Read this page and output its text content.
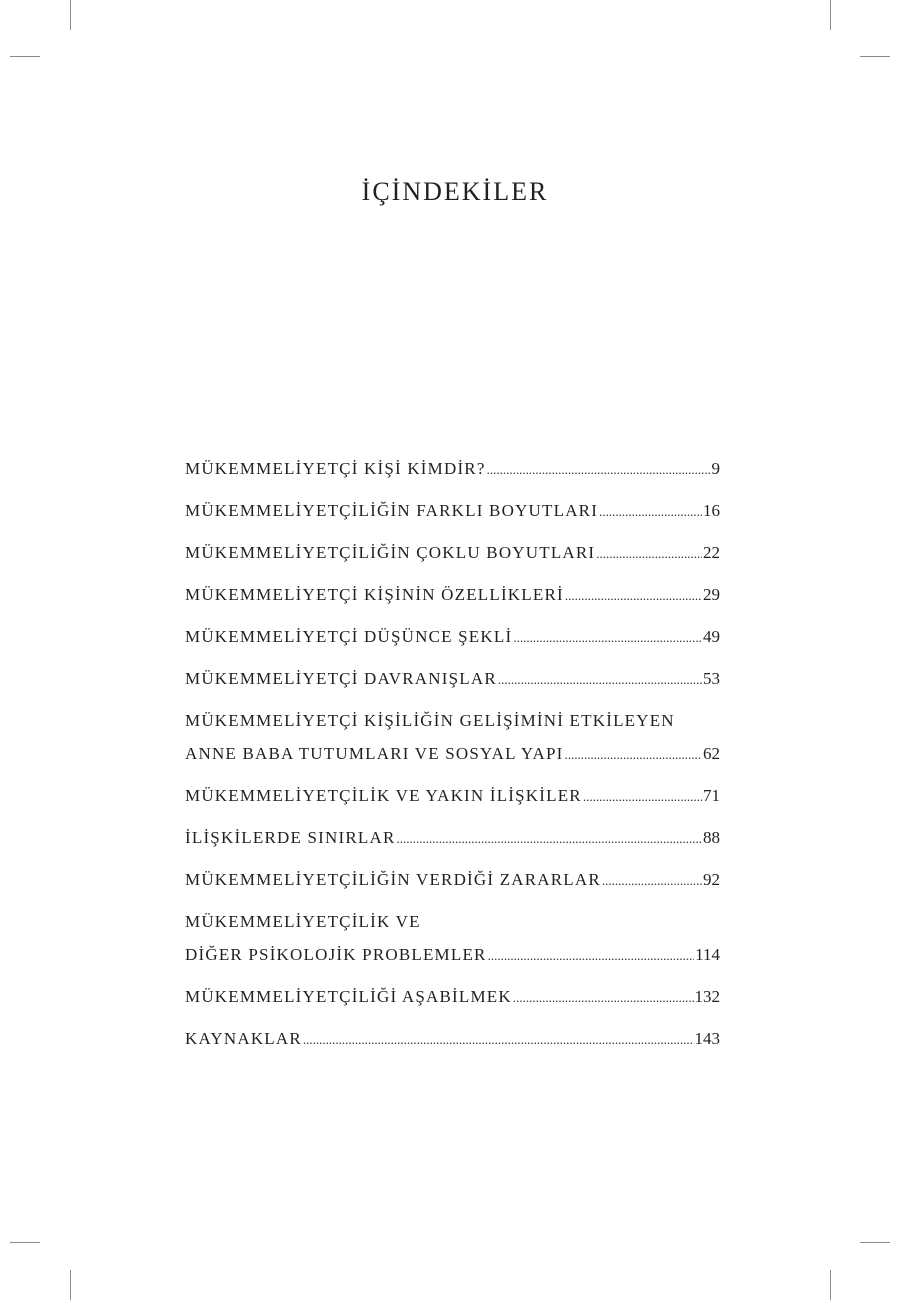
İÇİNDEKİLER
MÜKEMMELİYETÇİ KİŞİ KİMDİR? .....	9
MÜKEMMELİYETÇİLİĞİN FARKLI BOYUTLARI .....	16
MÜKEMMELİYETÇİLİĞİN ÇOKLU BOYUTLARI .....	22
MÜKEMMELİYETÇİ KİŞİNİN ÖZELLİKLERİ .....	29
MÜKEMMELİYETÇİ DÜŞÜNCE ŞEKLİ .....	49
MÜKEMMELİYETÇİ DAVRANIŞLAR .....	53
MÜKEMMELİYETÇİ KİŞİLİĞİN GELİŞİMİNİ ETKİLEYEN
ANNE BABA TUTUMLARI VE SOSYAL YAPI .....	62
MÜKEMMELİYETÇİLİK VE YAKIN İLİŞKİLER .....	71
İLİŞKİLERDE SINIRLAR .....	88
MÜKEMMELİYETÇİLİĞİN VERDİĞİ ZARARLAR .....	92
MÜKEMMELİYETÇİLİK VE
DİĞER PSİKOLOJİK PROBLEMLER .....	114
MÜKEMMELİYETÇİLİĞİ AŞABİLMEK .....	132
KAYNAKLAR .....	143
